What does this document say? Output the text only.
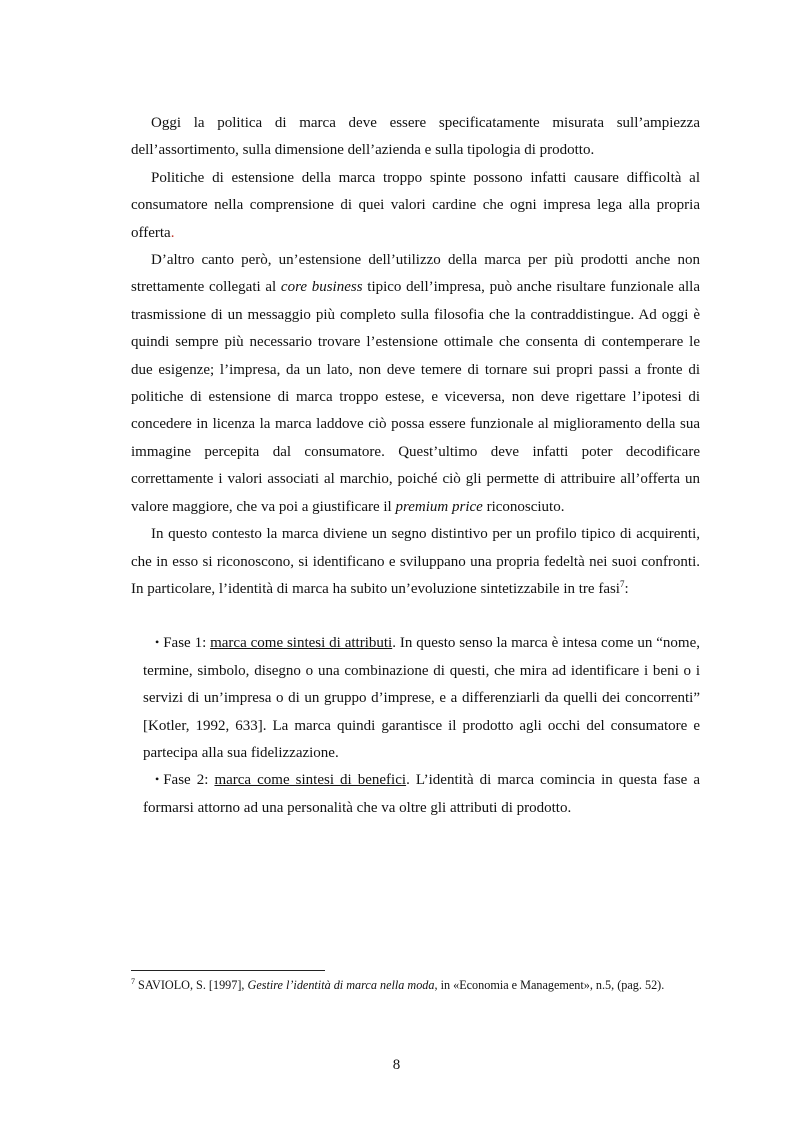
Oggi la politica di marca deve essere specificatamente misurata sull’ampiezza dell’assortimento, sulla dimensione dell’azienda e sulla tipologia di prodotto.

Politiche di estensione della marca troppo spinte possono infatti causare difficoltà al consumatore nella comprensione di quei valori cardine che ogni impresa lega alla propria offerta.

D’altro canto però, un’estensione dell’utilizzo della marca per più prodotti anche non strettamente collegati al core business tipico dell’impresa, può anche risultare funzionale alla trasmissione di un messaggio più completo sulla filosofia che la contraddistingue. Ad oggi è quindi sempre più necessario trovare l’estensione ottimale che consenta di contemperare le due esigenze; l’impresa, da un lato, non deve temere di tornare sui propri passi a fronte di politiche di estensione di marca troppo estese, e viceversa, non deve rigettare l’ipotesi di concedere in licenza la marca laddove ciò possa essere funzionale al miglioramento della sua immagine percepita dal consumatore. Quest’ultimo deve infatti poter decodificare correttamente i valori associati al marchio, poiché ciò gli permette di attribuire all’offerta un valore maggiore, che va poi a giustificare il premium price riconosciuto.

In questo contesto la marca diviene un segno distintivo per un profilo tipico di acquirenti, che in esso si riconoscono, si identificano e sviluppano una propria fedeltà nei suoi confronti. In particolare, l’identità di marca ha subito un’evoluzione sintetizzabile in tre fasi$^7$:

• Fase 1: marca come sintesi di attributi. In questo senso la marca è intesa come un “nome, termine, simbolo, disegno o una combinazione di questi, che mira ad identificare i beni o i servizi di un’impresa o di un gruppo d’imprese, e a differenziarli da quelli dei concorrenti” [Kotler, 1992, 633]. La marca quindi garantisce il prodotto agli occhi del consumatore e partecipa alla sua fidelizzazione.

• Fase 2: marca come sintesi di benefici. L’identità di marca comincia in questa fase a formarsi attorno ad una personalità che va oltre gli attributi di prodotto.

$^7$ SAVIOLO, S. [1997], Gestire l’identità di marca nella moda, in «Economia e Management», n.5, (pag. 52).
8
